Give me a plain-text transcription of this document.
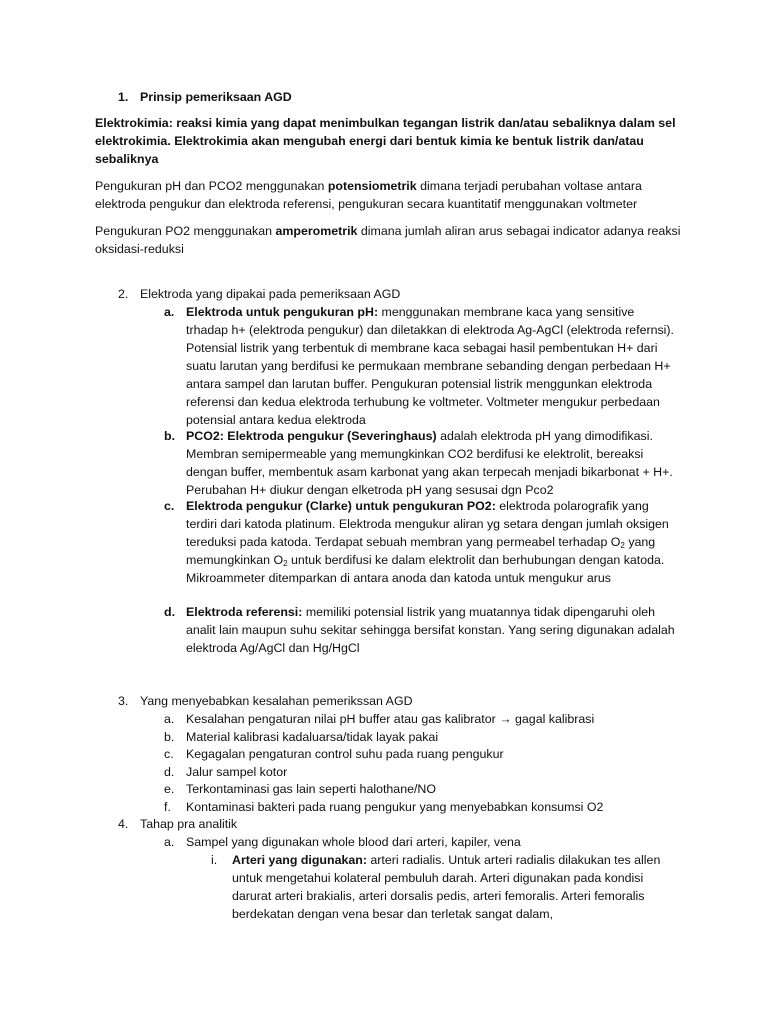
1. Prinsip pemeriksaan AGD

Elektrokimia: reaksi kimia yang dapat menimbulkan tegangan listrik dan/atau sebaliknya dalam sel elektrokimia. Elektrokimia akan mengubah energi dari bentuk kimia ke bentuk listrik dan/atau sebaliknya

Pengukuran pH dan PCO2 menggunakan potensiometrik dimana terjadi perubahan voltase antara elektroda pengukur dan elektroda referensi, pengukuran secara kuantitatif menggunakan voltmeter

Pengukuran PO2 menggunakan amperometrik dimana jumlah aliran arus sebagai indicator adanya reaksi oksidasi-reduksi

2. Elektroda yang dipakai pada pemeriksaan AGD
a. Elektroda untuk pengukuran pH: menggunakan membrane kaca yang sensitive trhadap h+ (elektroda pengukur) dan diletakkan di elektroda Ag-AgCl (elektroda refernsi). Potensial listrik yang terbentuk di membrane kaca sebagai hasil pembentukan H+ dari suatu larutan yang berdifusi ke permukaan membrane sebanding dengan perbedaan H+ antara sampel dan larutan buffer. Pengukuran potensial listrik menggunkan elektroda referensi dan kedua elektroda terhubung ke voltmeter. Voltmeter mengukur perbedaan potensial antara kedua elektroda

b. PCO2: Elektroda pengukur (Severinghaus) adalah elektroda pH yang dimodifikasi. Membran semipermeable yang memungkinkan CO2 berdifusi ke elektrolit, bereaksi dengan buffer, membentuk asam karbonat yang akan terpecah menjadi bikarbonat + H+. Perubahan H+ diukur dengan elketroda pH yang sesusai dgn Pco2

c. Elektroda pengukur (Clarke) untuk pengukuran PO2: elektroda polarografik yang terdiri dari katoda platinum. Elektroda mengukur aliran yg setara dengan jumlah oksigen tereduksi pada katoda. Terdapat sebuah membran yang permeabel terhadap $O_2$ yang memungkinkan $O_2$ untuk berdifusi ke dalam elektrolit dan berhubungan dengan katoda. Mikroammeter ditemparkan di antara anoda dan katoda untuk mengukur arus

d. Elektroda referensi: memiliki potensial listrik yang muatannya tidak dipengaruhi oleh analit lain maupun suhu sekitar sehingga bersifat konstan. Yang sering digunakan adalah elektroda Ag/AgCl dan Hg/HgCl

3. Yang menyebabkan kesalahan pemerikssan AGD
a. Kesalahan pengaturan nilai pH buffer atau gas kalibrator → gagal kalibrasi

b. Material kalibrasi kadaluarsa/tidak layak pakai

c. Kegagalan pengaturan control suhu pada ruang pengukur

d. Jalur sampel kotor

e. Terkontaminasi gas lain seperti halothane/NO

f.	Kontaminasi bakteri pada ruang pengukur yang menyebabkan konsumsi O2

4. Tahap pra analitik
a. Sampel yang digunakan whole blood dari arteri, kapiler, vena

i.	Arteri yang digunakan: arteri radialis. Untuk arteri radialis dilakukan tes allen untuk mengetahui kolateral pembuluh darah. Arteri digunakan pada kondisi darurat arteri brakialis, arteri dorsalis pedis, arteri femoralis. Arteri femoralis berdekatan dengan vena besar dan terletak sangat dalam,
